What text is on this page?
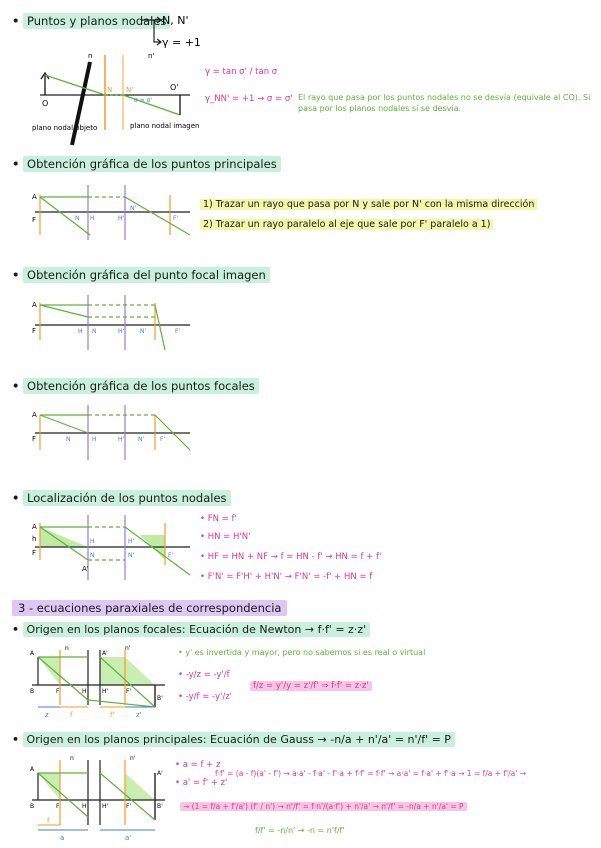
• Puntos y planos nodales
N, N'
γ = +1
O
O'
n	n'
N N'
σ = σ'
plano nodal objeto	plano nodal imagen
γ = tan σ' / tan σ
γ_NN' = +1 → σ = σ' El rayo que pasa por los puntos nodales no se desvía (equivale al CO). Si pasa por los planos nodales sí se desvía.
• Obtención gráfica de los puntos principales
A
F	N H	H'
N'
F'
1) Trazar un rayo que pasa por N y sale por N' con la misma dirección
2) Trazar un rayo paralelo al eje que sale por F' paralelo a 1)
• Obtención gráfica del punto focal imagen
A
F	H N	H'	N'	F'
• Obtención gráfica de los puntos focales
A
F	N	H	H' N'	F'
• Localización de los puntos nodales
A
h
F
H
N
H'
N'	F'
A'
• FN = f'
• HN = H'N'
• HF = HN + NF → f = HN - f' → HN = f + f'
• F'N' = F'H' + H'N' → F'N' = -f' + HN = f
3 - ecuaciones paraxiales de correspondencia
• Origen en los planos focales: Ecuación de Newton → f·f' = z·z'
n	n'
A	A'
F	H	H'	F'
B
B'
z	f	f'	z'
• y' es invertida y mayor, pero no sabemos si es real o virtual
• -y/z = -y'/f
• -y/f = -y'/z'
f/z = y'/y = z'/f' ⇒ f·f' = z·z'
• Origen en los planos principales: Ecuación de Gauss → -n/a + n'/a' = n'/f' = P
n	n'
A
A'
F	H	H'	F'
B	B'
a
f
a'
• a = f + z
• a' = f' + z'
f·f' = (a - f)(a' - f') → a·a' - f·a' - f'·a + f·f' = f·f' → a·a' = f·a' + f'·a → 1 = f/a + f'/a' →
→ (1 = f/a + f'/a') (f' / n') → n'/f' = f·n'/(a·f') + n'/a' → n'/f' = -n/a + n'/a' = P
f/f' = -n/n' → -n = n'f/f'
